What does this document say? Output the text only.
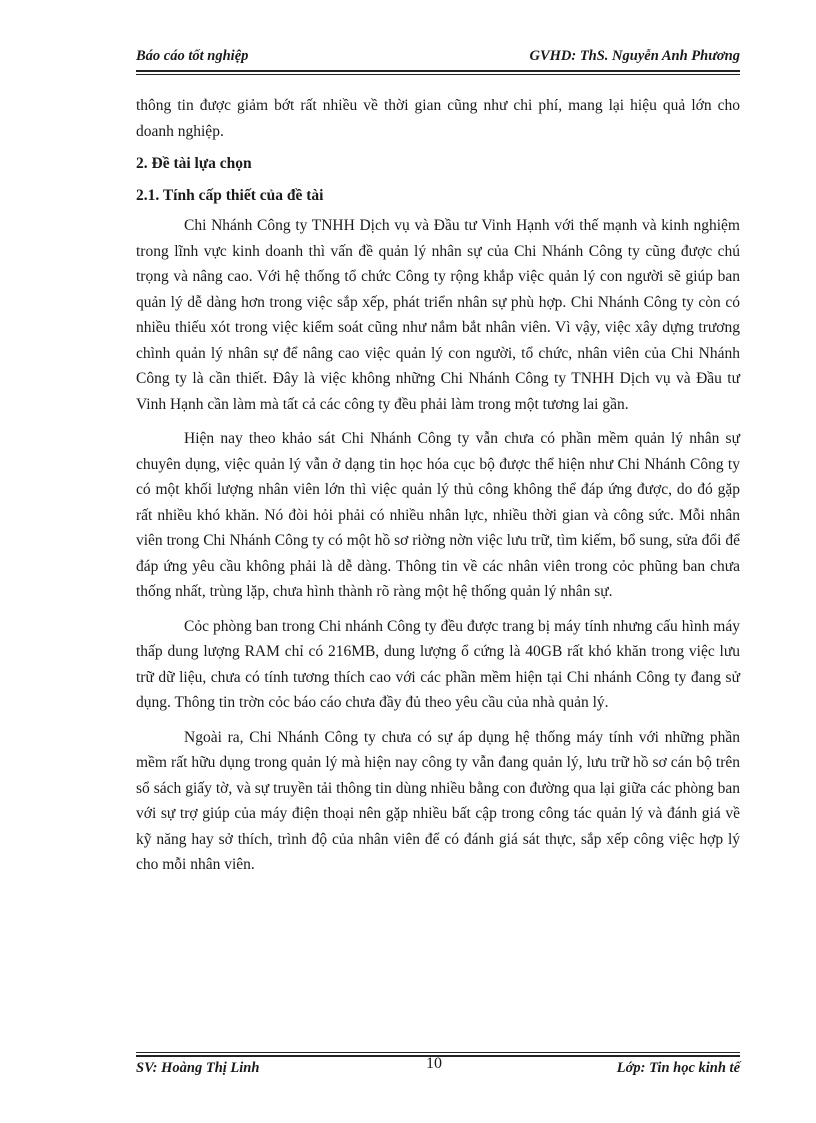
Báo cáo tốt nghiệp	GVHD: ThS. Nguyễn Anh Phương

thông tin được giảm bớt rất nhiều về thời gian cũng như chi phí, mang lại hiệu quả lớn cho doanh nghiệp.

2. Đề tài lựa chọn
2.1. Tính cấp thiết của đề tài

Chi Nhánh Công ty TNHH Dịch vụ và Đầu tư Vinh Hạnh với thế mạnh và kinh nghiệm trong lĩnh vực kinh doanh thì vấn đề quản lý nhân sự của Chi Nhánh Công ty cũng được chú trọng và nâng cao. Với hệ thống tổ chức Công ty rộng khắp việc quản lý con người sẽ giúp ban quản lý dễ dàng hơn trong việc sắp xếp, phát triển nhân sự phù hợp. Chi Nhánh Công ty còn có nhiều thiếu xót trong việc kiểm soát cũng như nắm bắt nhân viên. Vì vậy, việc xây dựng trương chình quản lý nhân sự để nâng cao việc quản lý con người, tổ chức, nhân viên của Chi Nhánh Công ty là cần thiết. Đây là việc không những Chi Nhánh Công ty TNHH Dịch vụ và Đầu tư Vinh Hạnh cần làm mà tất cả các công ty đều phải làm trong một tương lai gần.

Hiện nay theo khảo sát Chi Nhánh Công ty vẫn chưa có phần mềm quản lý nhân sự chuyên dụng, việc quản lý vẫn ở dạng tin học hóa cục bộ được thể hiện như Chi Nhánh Công ty có một khối lượng nhân viên lớn thì việc quản lý thủ công không thể đáp ứng được, do đó gặp rất nhiều khó khăn. Nó đòi hỏi phải có nhiều nhân lực, nhiều thời gian và công sức. Mỗi nhân viên trong Chi Nhánh Công ty có một hồ sơ riờng nờn việc lưu trữ, tìm kiếm, bổ sung, sửa đổi để đáp ứng yêu cầu không phải là dễ dàng. Thông tin về các nhân viên trong cỏc phũng ban chưa thống nhất, trùng lặp, chưa hình thành rõ ràng một hệ thống quản lý nhân sự.

Cỏc phòng ban trong Chi nhánh Công ty đều được trang bị máy tính nhưng cấu hình máy thấp dung lượng RAM chỉ có 216MB, dung lượng ổ cứng là 40GB rất khó khăn trong việc lưu trữ dữ liệu, chưa có tính tương thích cao với các phần mềm hiện tại Chi nhánh Công ty đang sử dụng. Thông tin trờn cỏc báo cáo chưa đầy đủ theo yêu cầu của nhà quản lý.

Ngoài ra, Chi Nhánh Công ty chưa có sự áp dụng hệ thống máy tính với những phần mềm rất hữu dụng trong quản lý mà hiện nay công ty vẫn đang quản lý, lưu trữ hồ sơ cán bộ trên sổ sách giấy tờ, và sự truyền tải thông tin dùng nhiều bằng con đường qua lại giữa các phòng ban với sự trợ giúp của máy điện thoại nên gặp nhiều bất cập trong công tác quản lý và đánh giá về kỹ năng hay sở thích, trình độ của nhân viên để có đánh giá sát thực, sắp xếp công việc hợp lý cho mỗi nhân viên.

SV: Hoàng Thị Linh	10	Lớp: Tin học kinh tế
